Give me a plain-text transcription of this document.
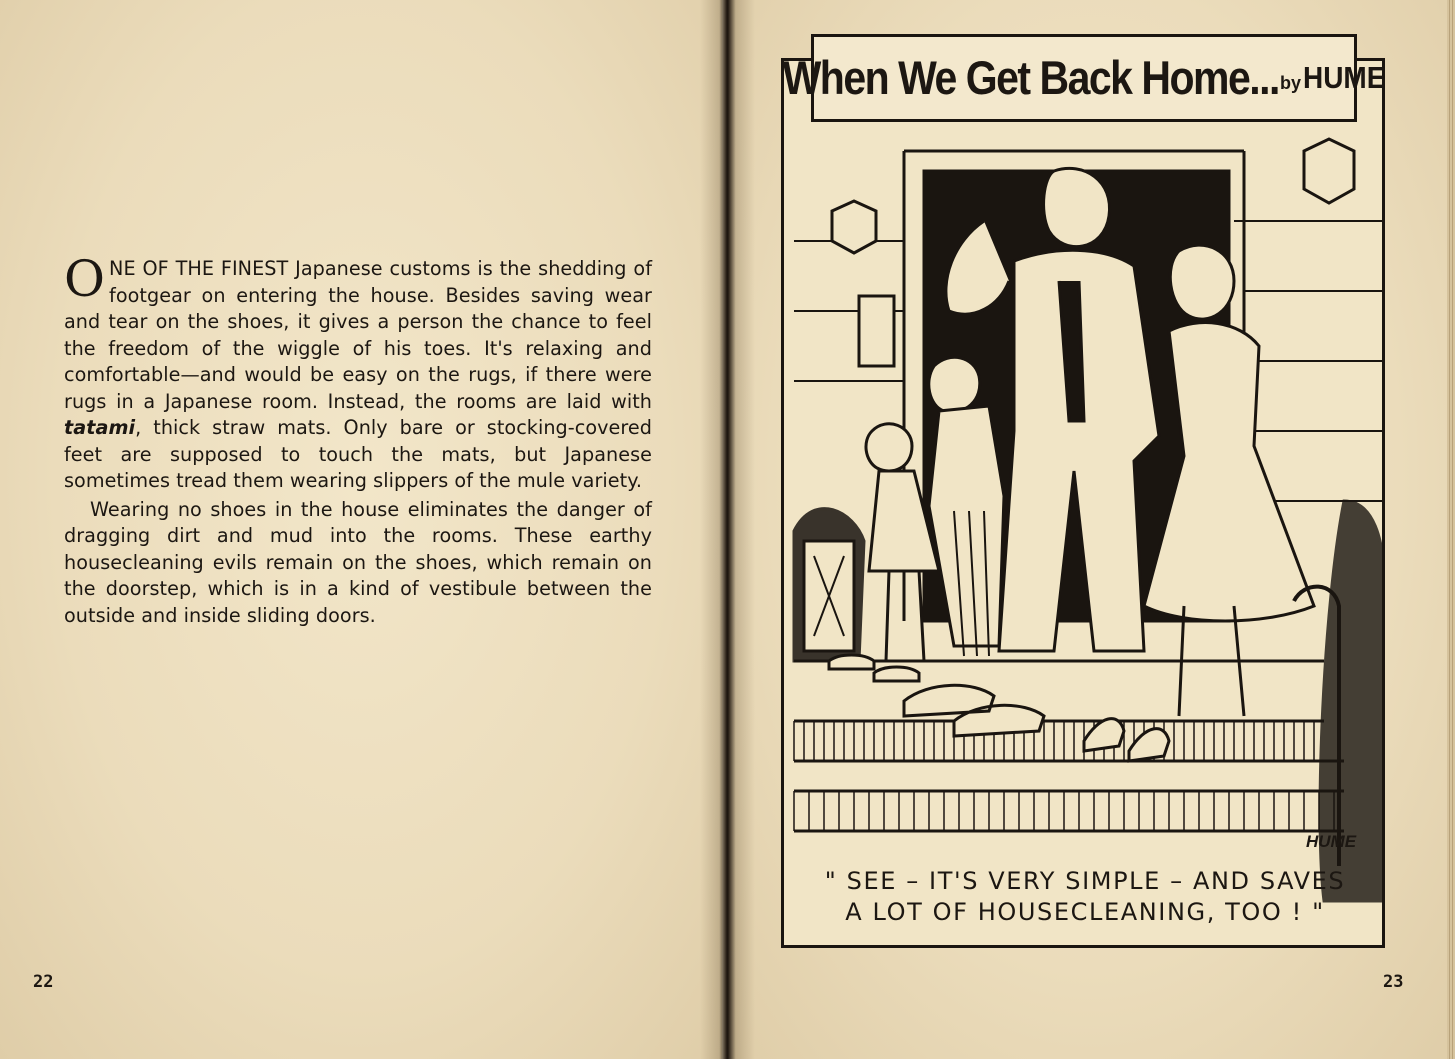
ONE OF THE FINEST Japanese customs is the shedding of footgear on entering the house. Besides saving wear and tear on the shoes, it gives a person the chance to feel the freedom of the wiggle of his toes. It's relaxing and comfortable—and would be easy on the rugs, if there were rugs in a Japanese room. Instead, the rooms are laid with tatami, thick straw mats. Only bare or stocking-covered feet are supposed to touch the mats, but Japanese sometimes tread them wearing slippers of the mule variety.

Wearing no shoes in the house eliminates the danger of dragging dirt and mud into the rooms. These earthy housecleaning evils remain on the shoes, which remain on the doorstep, which is in a kind of vestibule between the outside and inside sliding doors.

22
When We Get Back Home... by HUME
HUME
" SEE – IT'S VERY SIMPLE – AND SAVES
A LOT OF HOUSECLEANING, TOO ! "
23
